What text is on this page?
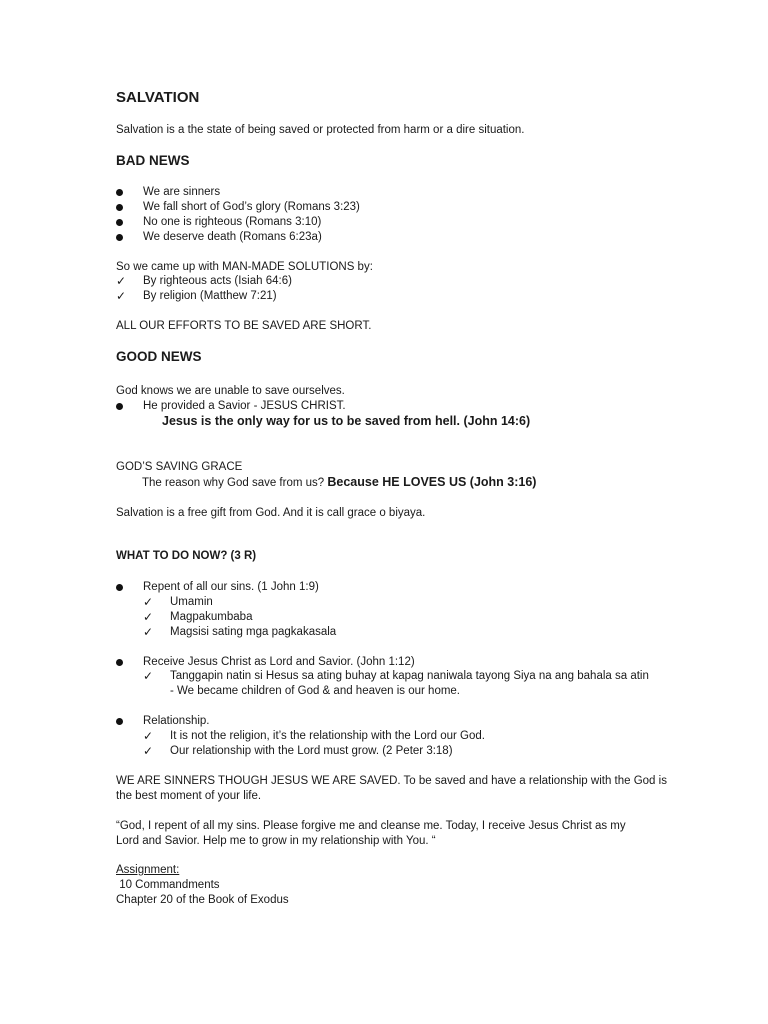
SALVATION
Salvation is a the state of being saved or protected from harm or a dire situation.
BAD NEWS
We are sinners
We fall short of God’s glory (Romans 3:23)
No one is righteous (Romans 3:10)
We deserve death (Romans 6:23a)
So we came up with MAN-MADE SOLUTIONS by:
✓ By righteous acts (Isiah 64:6)
✓ By religion (Matthew 7:21)
ALL OUR EFFORTS TO BE SAVED ARE SHORT.
GOOD NEWS
God knows we are unable to save ourselves.
He provided a Savior - JESUS CHRIST.
Jesus is the only way for us to be saved from hell. (John 14:6)
GOD’S SAVING GRACE
The reason why God save from us? Because HE LOVES US (John 3:16)
Salvation is a free gift from God. And it is call grace o biyaya.
WHAT TO DO NOW? (3 R)
Repent of all our sins. (1 John 1:9)
✓ Umamin
✓ Magpakumbaba
✓ Magsisi sating mga pagkakasala
Receive Jesus Christ as Lord and Savior. (John 1:12)
✓ Tanggapin natin si Hesus sa ating buhay at kapag naniwala tayong Siya na ang bahala sa atin
- We became children of God & and heaven is our home.
Relationship.
✓ It is not the religion, it’s the relationship with the Lord our God.
✓ Our relationship with the Lord must grow. (2 Peter 3:18)
WE ARE SINNERS THOUGH JESUS WE ARE SAVED. To be saved and have a relationship with the God is
the best moment of your life.
“God, I repent of all my sins. Please forgive me and cleanse me. Today, I receive Jesus Christ as my
Lord and Savior. Help me to grow in my relationship with You. “
Assignment:
10 Commandments
Chapter 20 of the Book of Exodus
